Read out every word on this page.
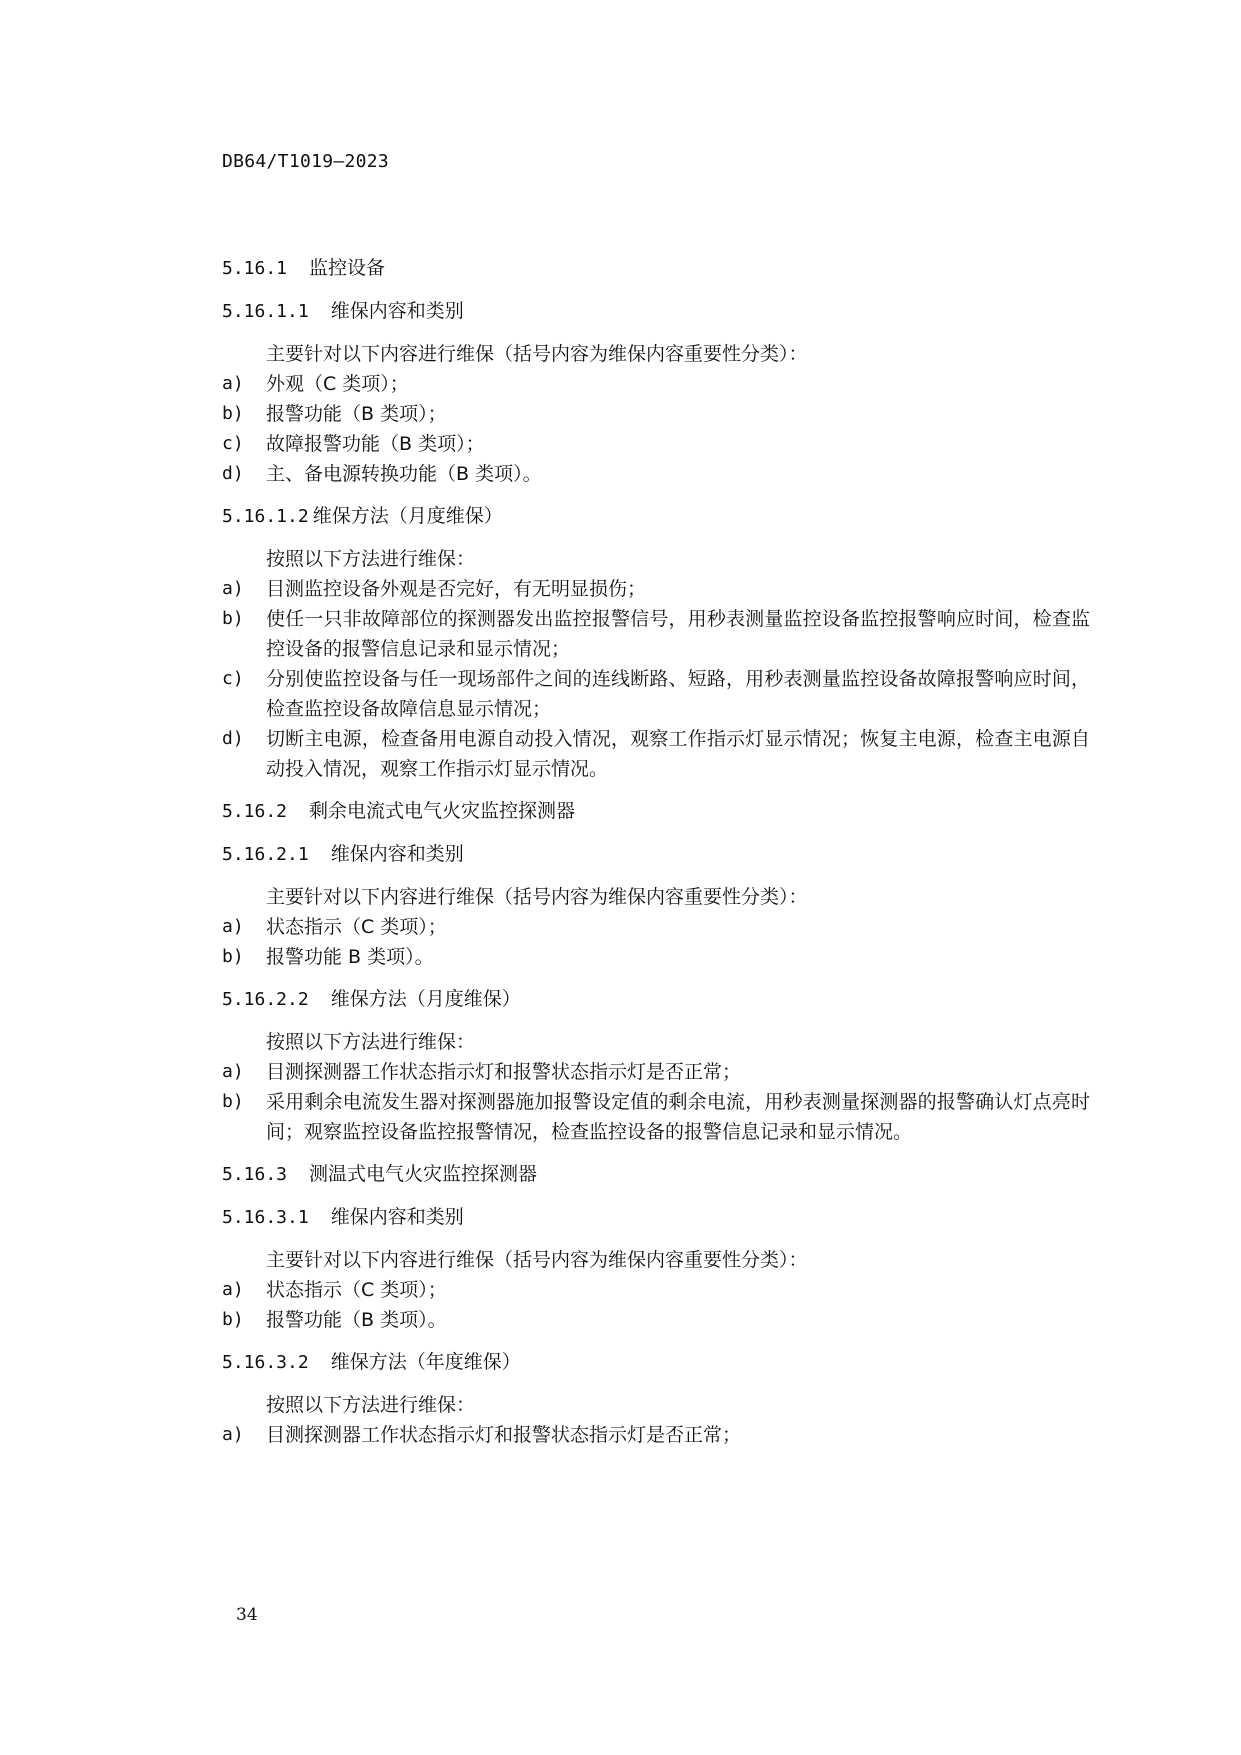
DB64/T1019—2023
5.16.1 监控设备
5.16.1.1 维保内容和类别
主要针对以下内容进行维保（括号内容为维保内容重要性分类）：
a)	外观（C 类项）；
b)	报警功能（B 类项）；
c)	故障报警功能（B 类项）；
d)	主、备电源转换功能（B 类项）。
5.16.1.2 维保方法（月度维保）
按照以下方法进行维保：
a)	目测监控设备外观是否完好，有无明显损伤；
b)	使任一只非故障部位的探测器发出监控报警信号，用秒表测量监控设备监控报警响应时间，检查监控设备的报警信息记录和显示情况；
c)	分别使监控设备与任一现场部件之间的连线断路、短路，用秒表测量监控设备故障报警响应时间，检查监控设备故障信息显示情况；
d)	切断主电源，检查备用电源自动投入情况，观察工作指示灯显示情况；恢复主电源，检查主电源自动投入情况，观察工作指示灯显示情况。
5.16.2 剩余电流式电气火灾监控探测器
5.16.2.1 维保内容和类别
主要针对以下内容进行维保（括号内容为维保内容重要性分类）：
a)	状态指示（C 类项）；
b)	报警功能 B 类项）。
5.16.2.2 维保方法（月度维保）
按照以下方法进行维保：
a)	目测探测器工作状态指示灯和报警状态指示灯是否正常；
b)	采用剩余电流发生器对探测器施加报警设定值的剩余电流，用秒表测量探测器的报警确认灯点亮时间；观察监控设备监控报警情况，检查监控设备的报警信息记录和显示情况。
5.16.3 测温式电气火灾监控探测器
5.16.3.1 维保内容和类别
主要针对以下内容进行维保（括号内容为维保内容重要性分类）：
a)	状态指示（C 类项）；
b)	报警功能（B 类项）。
5.16.3.2 维保方法（年度维保）
按照以下方法进行维保：
a)	目测探测器工作状态指示灯和报警状态指示灯是否正常；
34
